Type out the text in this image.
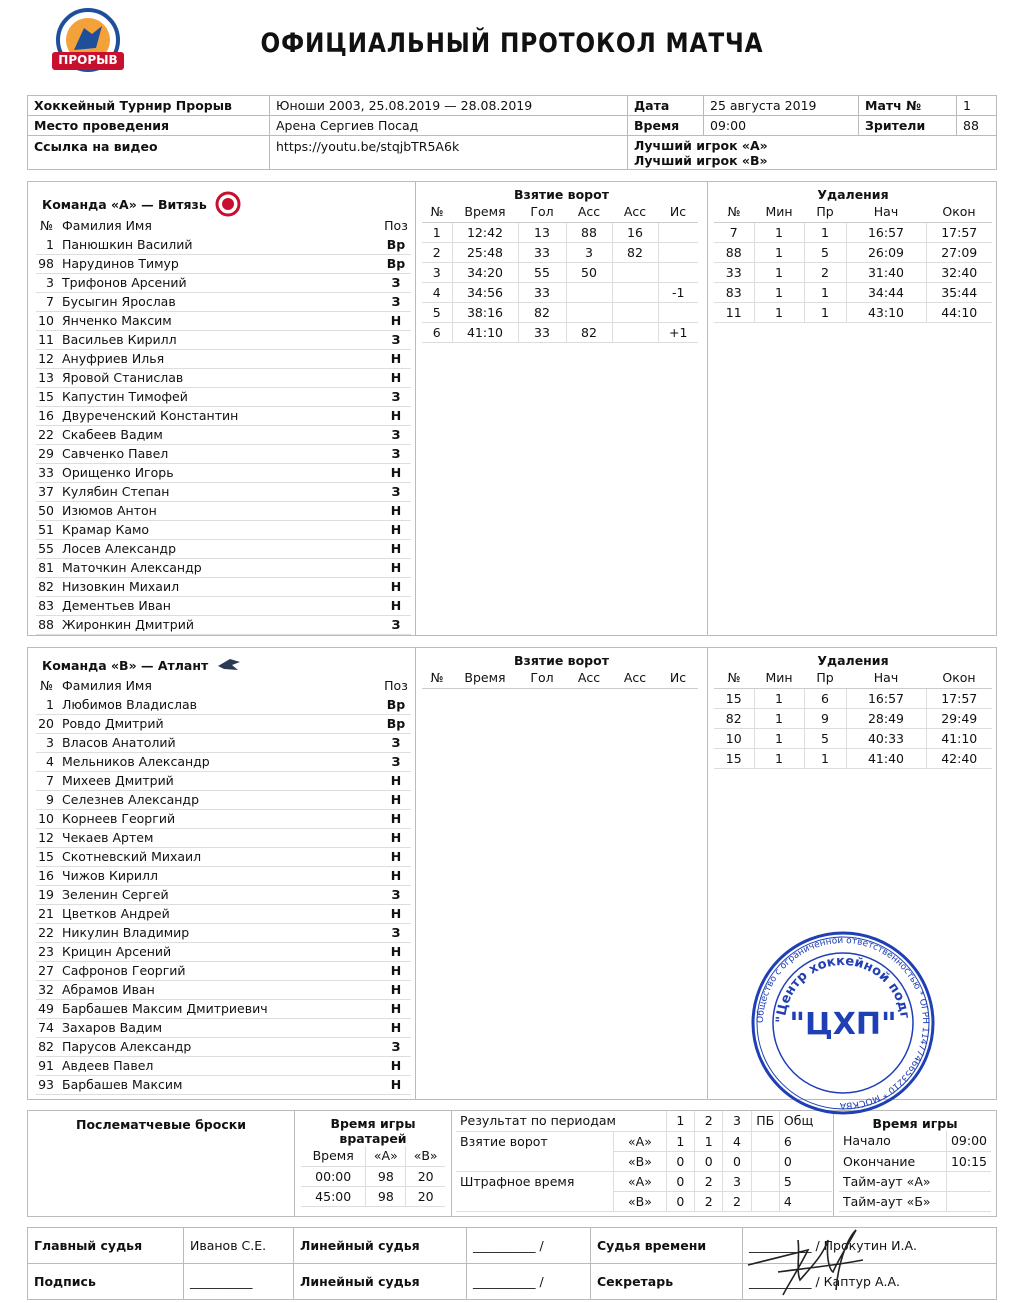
ПРОРЫВ
ОФИЦИАЛЬНЫЙ ПРОТОКОЛ МАТЧА
Хоккейный Турнир Прорыв	Юноши 2003, 25.08.2019 — 28.08.2019	Дата	25 августа 2019	Матч №	1
Место проведения	Арена Сергиев Посад	Время	09:00	Зрители	88
Ссылка на видео	https://youtu.be/stqjbTR5A6k	Лучший игрок «А»
Лучший игрок «В»			
Команда «А» — Витязь
№	Фамилия Имя	Поз
1	Панюшкин Василий	Вр
98	Нарудинов Тимур	Вр
3	Трифонов Арсений	З
7	Бусыгин Ярослав	З
10	Янченко Максим	Н
11	Васильев Кирилл	З
12	Ануфриев Илья	Н
13	Яровой Станислав	Н
15	Капустин Тимофей	З
16	Двуреченский Константин	Н
22	Скабеев Вадим	З
29	Савченко Павел	З
33	Орищенко Игорь	Н
37	Кулябин Степан	З
50	Изюмов Антон	Н
51	Крамар Камо	Н
55	Лосев Александр	Н
81	Маточкин Александр	Н
82	Низовкин Михаил	Н
83	Дементьев Иван	Н
88	Жиронкин Дмитрий	З
Взятие ворот
№	Время	Гол	Асс	Асс	Ис
1	12:42	13	88	16	
2	25:48	33	3	82	
3	34:20	55	50		
4	34:56	33			-1
5	38:16	82			
6	41:10	33	82		+1
Удаления
№	Мин	Пр	Нач	Окон
7	1	1	16:57	17:57
88	1	5	26:09	27:09
33	1	2	31:40	32:40
83	1	1	34:44	35:44
11	1	1	43:10	44:10
Команда «В» — Атлант
№	Фамилия Имя	Поз
1	Любимов Владислав	Вр
20	Ровдо Дмитрий	Вр
3	Власов Анатолий	З
4	Мельников Александр	З
7	Михеев Дмитрий	Н
9	Селезнев Александр	Н
10	Корнеев Георгий	Н
12	Чекаев Артем	Н
15	Скотневский Михаил	Н
16	Чижов Кирилл	Н
19	Зеленин Сергей	З
21	Цветков Андрей	Н
22	Никулин Владимир	З
23	Крицин Арсений	Н
27	Сафронов Георгий	Н
32	Абрамов Иван	Н
49	Барбашев Максим Дмитриевич	Н
74	Захаров Вадим	Н
82	Парусов Александр	З
91	Авдеев Павел	Н
93	Барбашев Максим	Н
Взятие ворот
№	Время	Гол	Асс	Асс	Ис
Удаления
№	Мин	Пр	Нач	Окон
15	1	6	16:57	17:57
82	1	9	28:49	29:49
10	1	5	40:33	41:10
15	1	1	41:40	42:40
Послематчевые броски	Время игры вратарей
Время	«А»	«В»
00:00	98	20
45:00	98	20
Результат по периодам		1	2	3	ПБ	Общ
Взятие ворот	«А»	1	1	4		6
	«В»	0	0	0		0
Штрафное время	«А»	0	2	3		5
	«В»	0	2	2		4
Время игры
Начало	09:00
Окончание	10:15
Тайм-аут «А»	
Тайм-аут «Б»	
Главный судья	Иванов С.Е.	Линейный судья	__________ /	Судья времени	__________ / Прокутин И.А.
Подпись	__________	Линейный судья	__________ /	Секретарь	__________ / Каптур А.А.
Общество с ограниченной ответственностью * ОГРН 1147746653210 * МОСКВА
"Центр хоккейной подг
"ЦХП"
